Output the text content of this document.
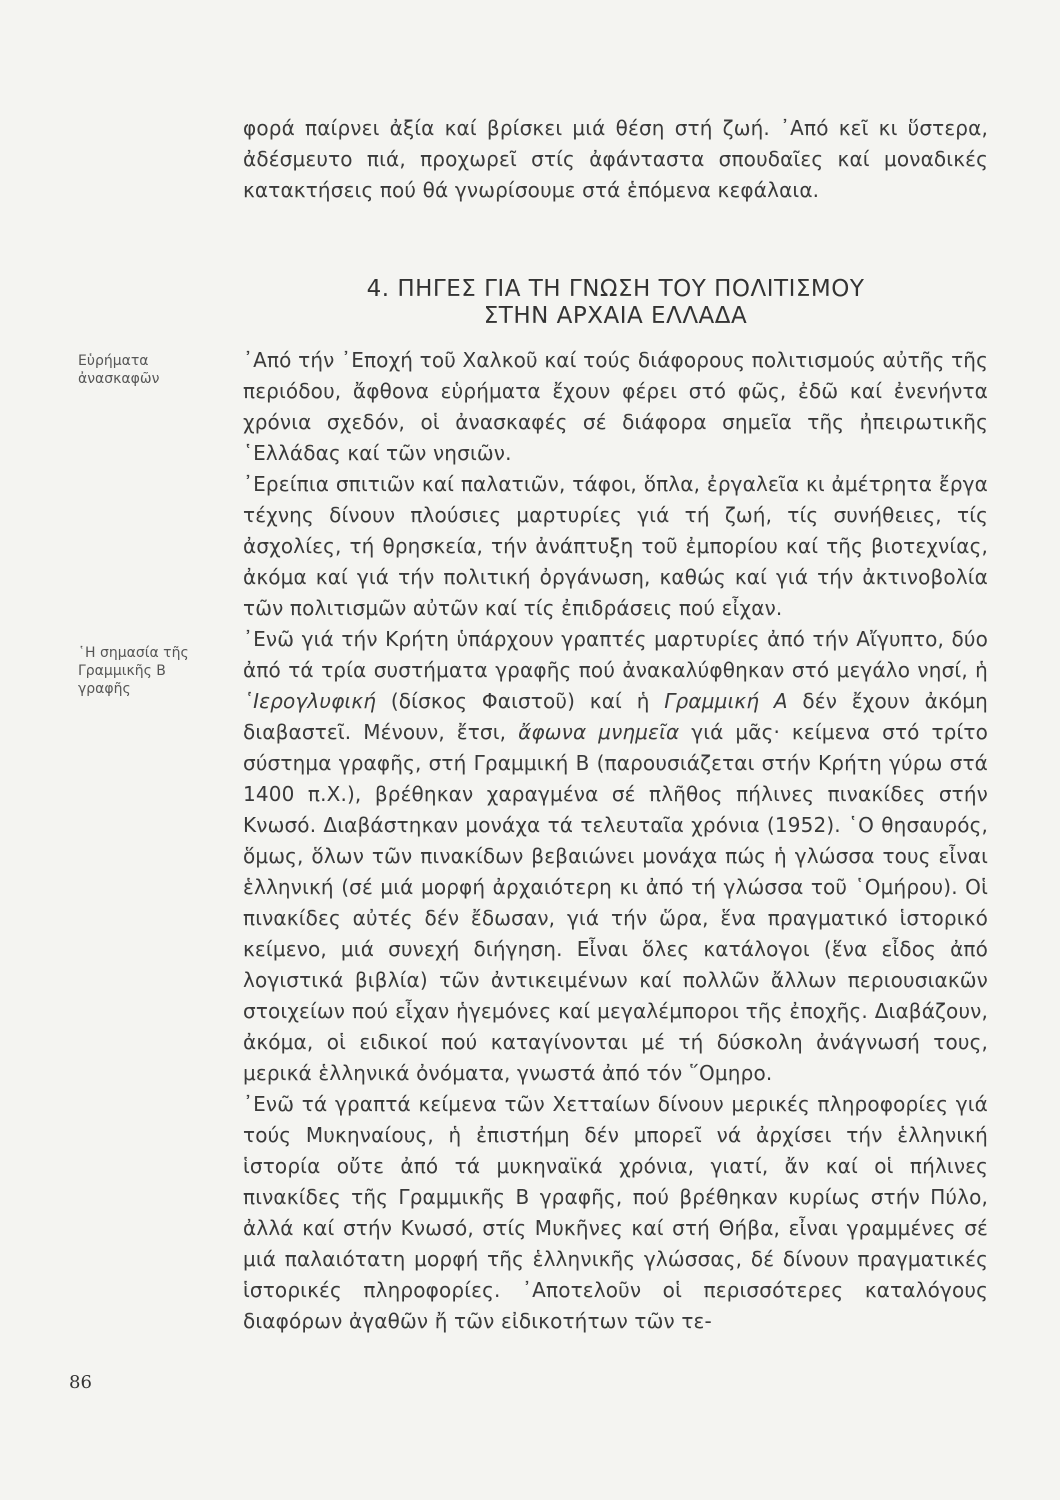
φορά παίρνει ἀξία καί βρίσκει μιά θέση στή ζωή. ᾿Από κεῖ κι ὕστερα, ἀδέσμευτο πιά, προχωρεῖ στίς ἀφάνταστα σπουδαῖες καί μοναδικές κατακτήσεις πού θά γνωρίσουμε στά ἑπόμενα κεφάλαια.

4. ΠΗΓΕΣ ΓΙΑ ΤΗ ΓΝΩΣΗ ΤΟΥ ΠΟΛΙΤΙΣΜΟΥ
ΣΤΗΝ ΑΡΧΑΙΑ ΕΛΛΑΔΑ
Εὑρήματα ἀνασκαφῶν
῾Η σημασία τῆς Γραμμικῆς Β γραφῆς

᾿Από τήν ᾿Εποχή τοῦ Χαλκοῦ καί τούς διάφορους πολιτισμούς αὐτῆς τῆς περιόδου, ἄφθονα εὑρήματα ἔχουν φέρει στό φῶς, ἐδῶ καί ἐνενήντα χρόνια σχεδόν, οἱ ἀνασκαφές σέ διάφορα σημεῖα τῆς ἠπειρωτικῆς ῾Ελλάδας καί τῶν νησιῶν.

᾿Ερείπια σπιτιῶν καί παλατιῶν, τάφοι, ὅπλα, ἐργαλεῖα κι ἀμέτρητα ἔργα τέχνης δίνουν πλούσιες μαρτυρίες γιά τή ζωή, τίς συνήθειες, τίς ἀσχολίες, τή θρησκεία, τήν ἀνάπτυξη τοῦ ἐμπορίου καί τῆς βιοτεχνίας, ἀκόμα καί γιά τήν πολιτική ὀργάνωση, καθώς καί γιά τήν ἀκτινοβολία τῶν πολιτισμῶν αὐτῶν καί τίς ἐπιδράσεις πού εἶχαν.

᾿Ενῶ γιά τήν Κρήτη ὑπάρχουν γραπτές μαρτυρίες ἀπό τήν Αἴγυπτο, δύο ἀπό τά τρία συστήματα γραφῆς πού ἀνακαλύφθηκαν στό μεγάλο νησί, ἡ ῾Ιερογλυφική (δίσκος Φαιστοῦ) καί ἡ Γραμμική Α δέν ἔχουν ἀκόμη διαβαστεῖ. Μένουν, ἔτσι, ἄφωνα μνημεῖα γιά μᾶς· κείμενα στό τρίτο σύστημα γραφῆς, στή Γραμμική Β (παρουσιάζεται στήν Κρήτη γύρω στά 1400 π.Χ.), βρέθηκαν χαραγμένα σέ πλῆθος πήλινες πινακίδες στήν Κνωσό. Διαβάστηκαν μονάχα τά τελευταῖα χρόνια (1952). ῾Ο θησαυρός, ὅμως, ὅλων τῶν πινακίδων βεβαιώνει μονάχα πώς ἡ γλώσσα τους εἶναι ἑλληνική (σέ μιά μορφή ἀρχαιότερη κι ἀπό τή γλώσσα τοῦ ῾Ομήρου). Οἱ πινακίδες αὐτές δέν ἔδωσαν, γιά τήν ὥρα, ἕνα πραγματικό ἱστορικό κείμενο, μιά συνεχή διήγηση. Εἶναι ὅλες κατάλογοι (ἕνα εἶδος ἀπό λογιστικά βιβλία) τῶν ἀντικειμένων καί πολλῶν ἄλλων περιουσιακῶν στοιχείων πού εἶχαν ἡγεμόνες καί μεγαλέμποροι τῆς ἐποχῆς. Διαβάζουν, ἀκόμα, οἱ ειδικοί πού καταγίνονται μέ τή δύσκολη ἀνάγνωσή τους, μερικά ἑλληνικά ὀνόματα, γνωστά ἀπό τόν ῞Ομηρο.

᾿Ενῶ τά γραπτά κείμενα τῶν Χετταίων δίνουν μερικές πληροφορίες γιά τούς Μυκηναίους, ἡ ἐπιστήμη δέν μπορεῖ νά ἀρχίσει τήν ἑλληνική ἱστορία οὔτε ἀπό τά μυκηναϊκά χρόνια, γιατί, ἄν καί οἱ πήλινες πινακίδες τῆς Γραμμικῆς Β γραφῆς, πού βρέθηκαν κυρίως στήν Πύλο, ἀλλά καί στήν Κνωσό, στίς Μυκῆνες καί στή Θήβα, εἶναι γραμμένες σέ μιά παλαιότατη μορφή τῆς ἑλληνικῆς γλώσσας, δέ δίνουν πραγματικές ἱστορικές πληροφορίες. ᾿Αποτελοῦν οἱ περισσότερες καταλόγους διαφόρων ἀγαθῶν ἤ τῶν εἰδικοτήτων τῶν τε-

86
